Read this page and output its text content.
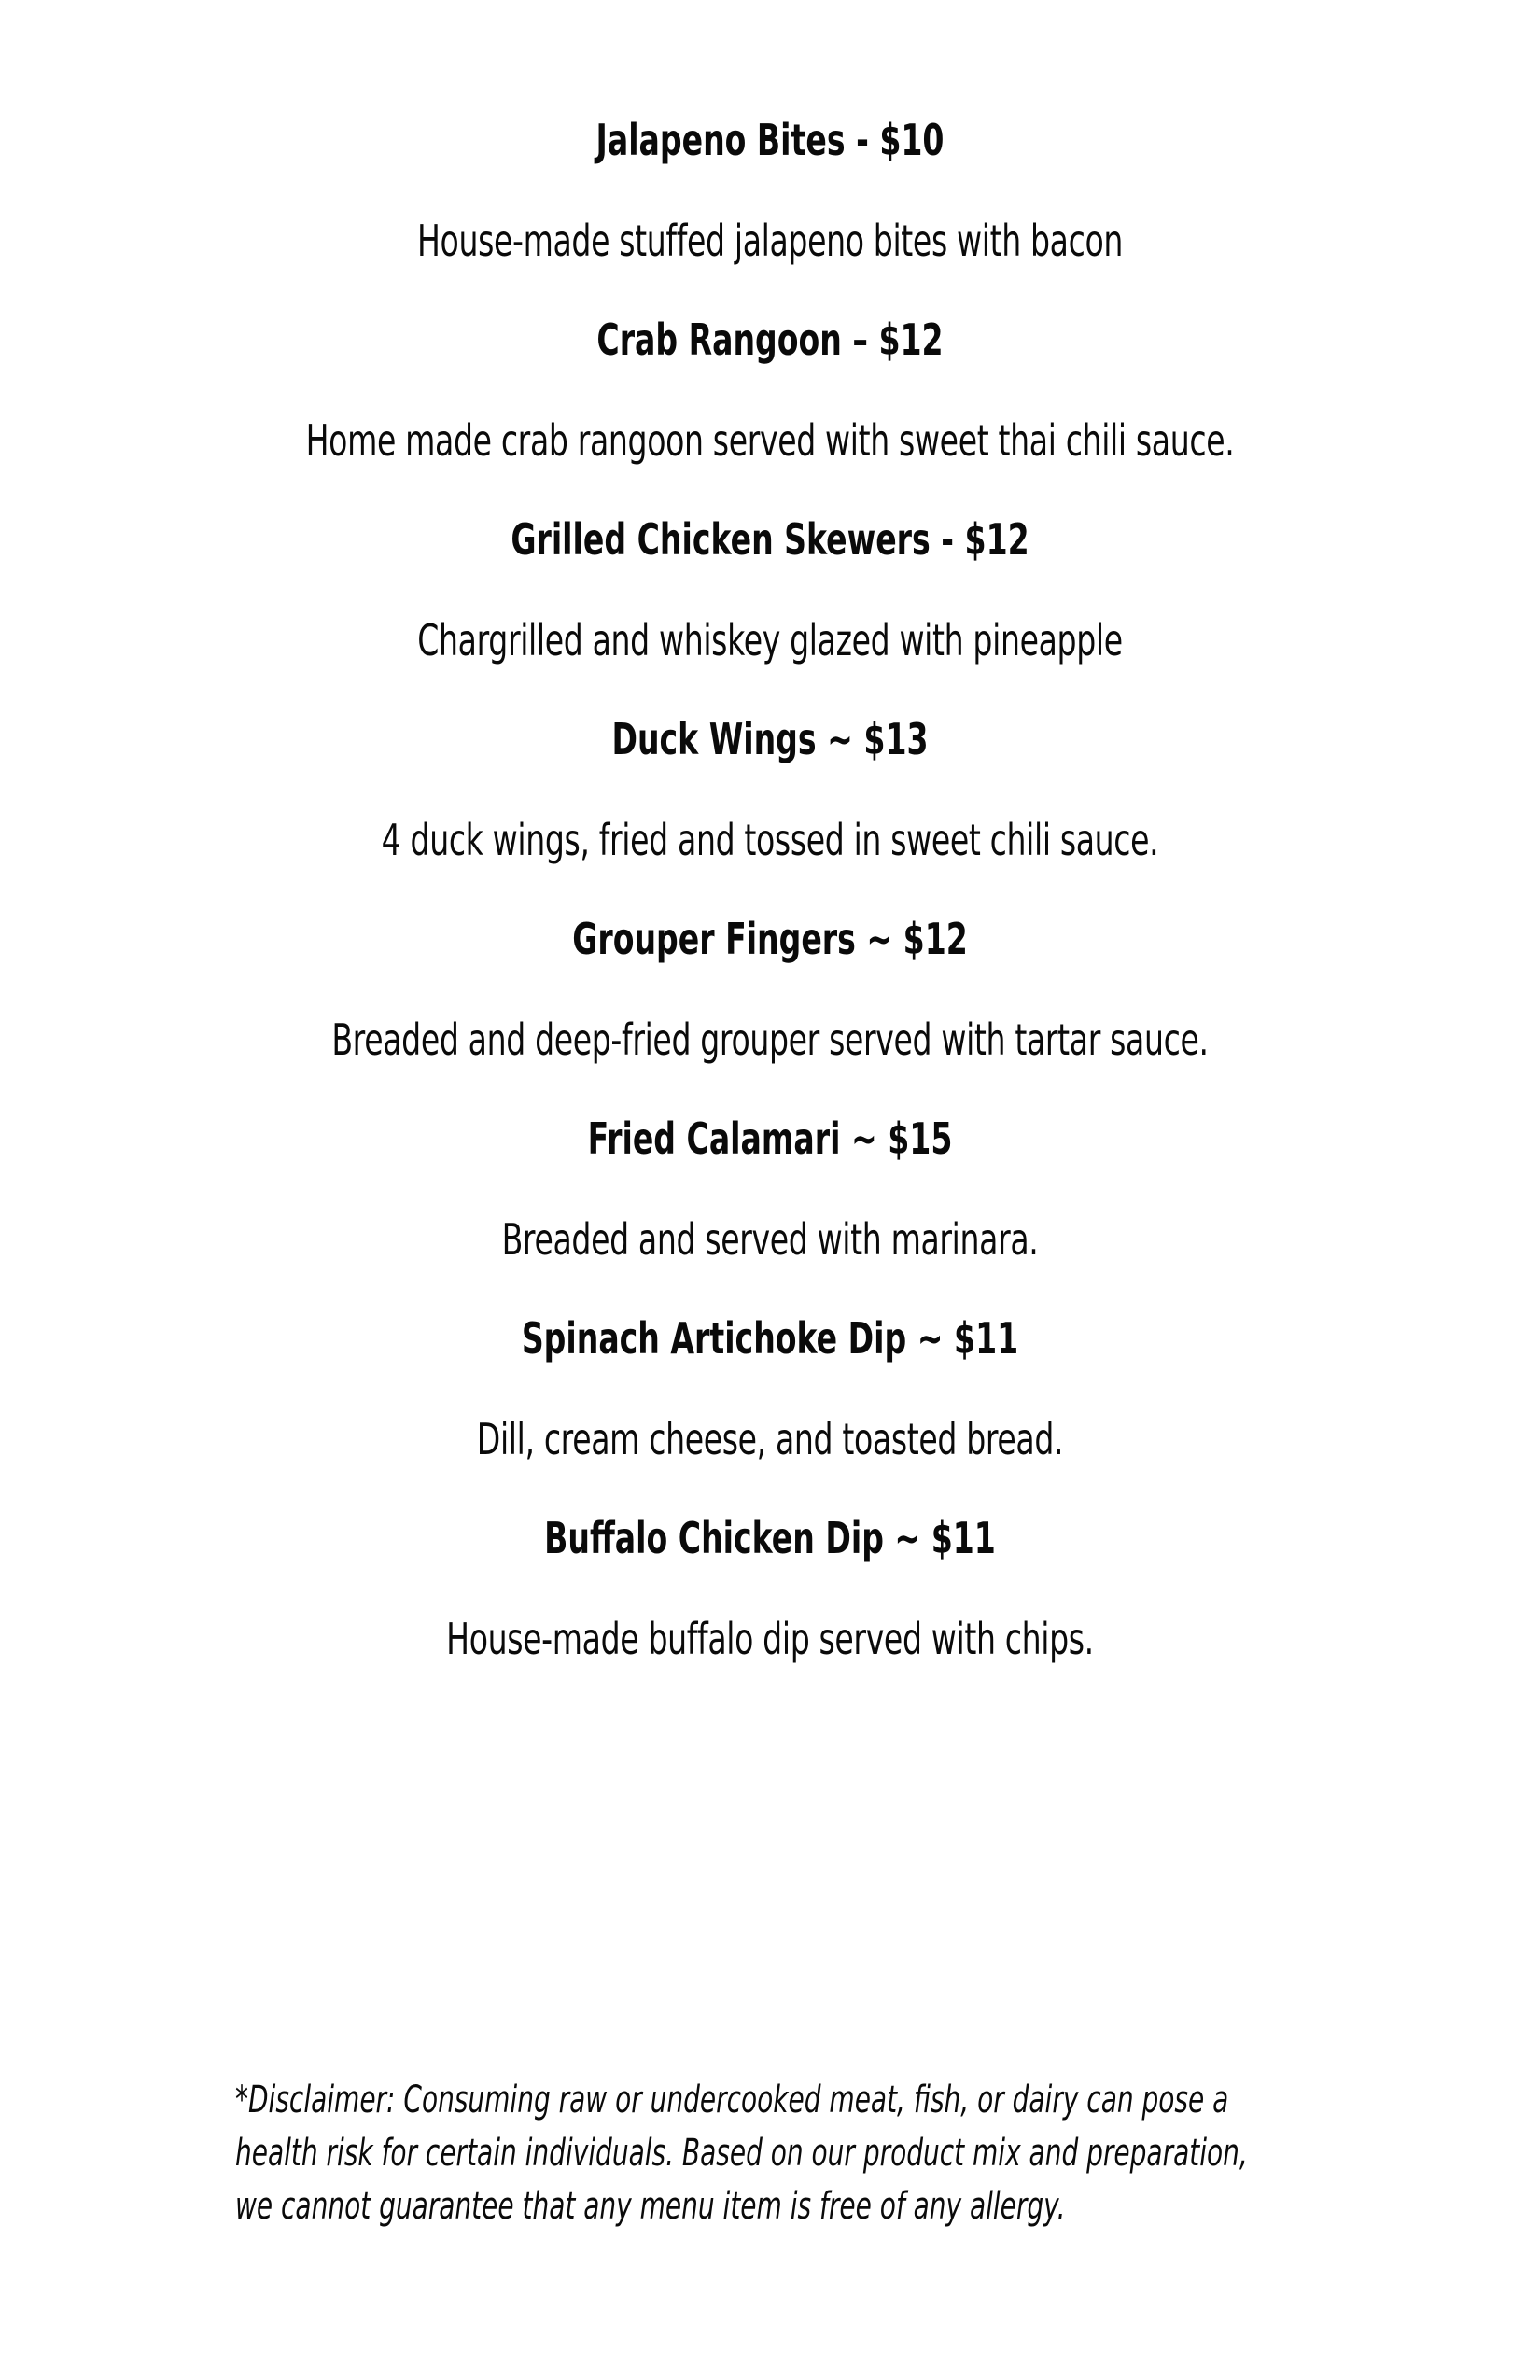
Jalapeno Bites - $10
House-made stuffed jalapeno bites with bacon
Crab Rangoon – $12
Home made crab rangoon served with sweet thai chili sauce.
Grilled Chicken Skewers - $12
Chargrilled and whiskey glazed with pineapple
Duck Wings ~ $13
4 duck wings, fried and tossed in sweet chili sauce.
Grouper Fingers ~ $12
Breaded and deep-fried grouper served with tartar sauce.
Fried Calamari ~ $15
Breaded and served with marinara.
Spinach Artichoke Dip ~ $11
Dill, cream cheese, and toasted bread.
Buffalo Chicken Dip ~ $11
House-made buffalo dip served with chips.
*Disclaimer: Consuming raw or undercooked meat, fish, or dairy can pose a
health risk for certain individuals. Based on our product mix and preparation,
we cannot guarantee that any menu item is free of any allergy.
